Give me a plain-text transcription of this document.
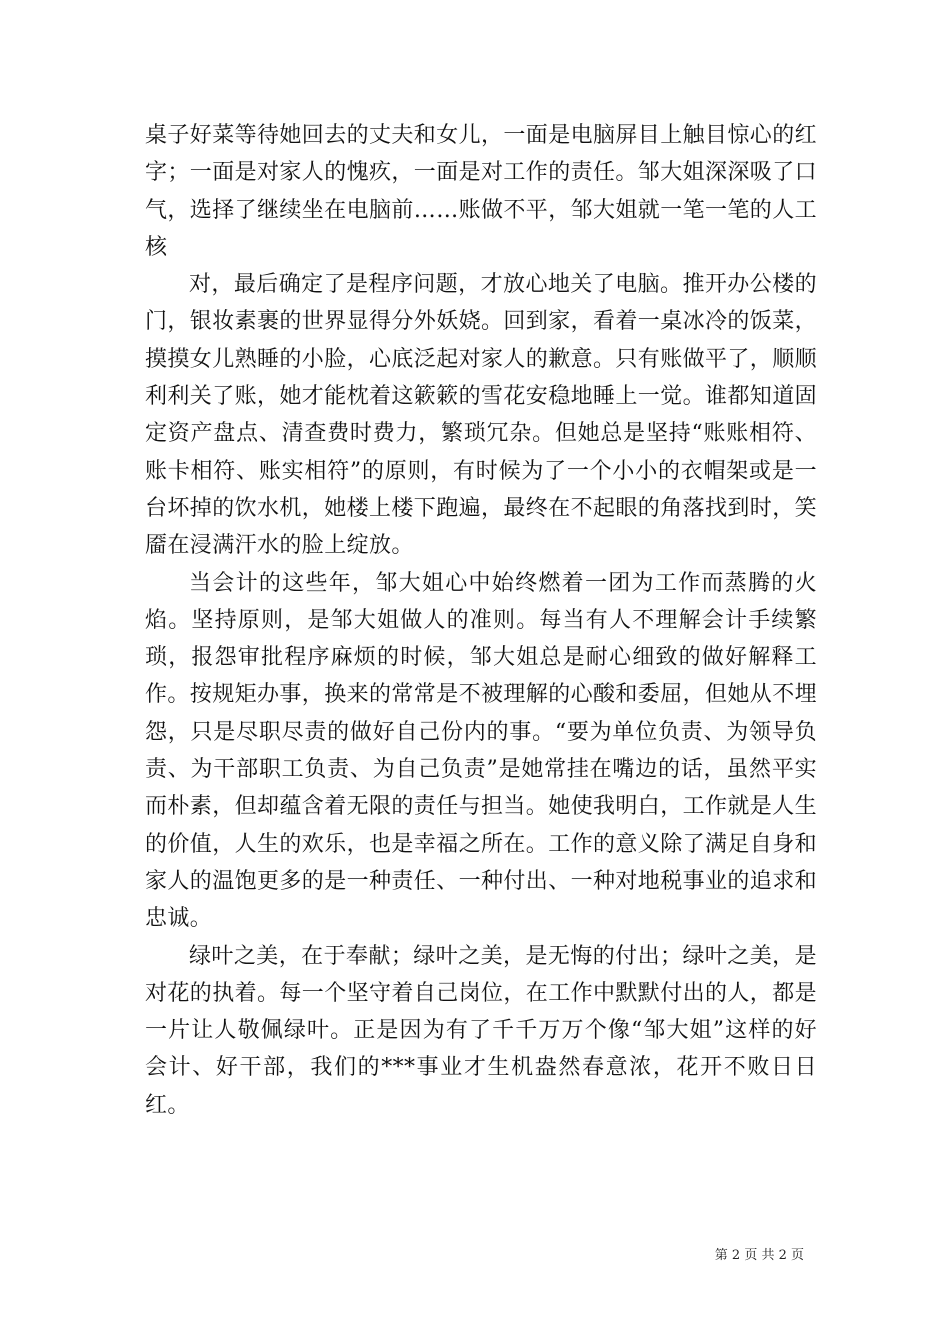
桌子好菜等待她回去的丈夫和女儿，一面是电脑屏目上触目惊心的红字；一面是对家人的愧疚，一面是对工作的责任。邹大姐深深吸了口气，选择了继续坐在电脑前……账做不平，邹大姐就一笔一笔的人工核

对，最后确定了是程序问题，才放心地关了电脑。推开办公楼的门，银妆素裹的世界显得分外妖娆。回到家，看着一桌冰冷的饭菜，摸摸女儿熟睡的小脸，心底泛起对家人的歉意。只有账做平了，顺顺利利关了账，她才能枕着这簌簌的雪花安稳地睡上一觉。谁都知道固定资产盘点、清查费时费力，繁琐冗杂。但她总是坚持“账账相符、账卡相符、账实相符”的原则，有时候为了一个小小的衣帽架或是一台坏掉的饮水机，她楼上楼下跑遍，最终在不起眼的角落找到时，笑靥在浸满汗水的脸上绽放。

当会计的这些年，邹大姐心中始终燃着一团为工作而蒸腾的火焰。坚持原则，是邹大姐做人的准则。每当有人不理解会计手续繁琐，报怨审批程序麻烦的时候，邹大姐总是耐心细致的做好解释工作。按规矩办事，换来的常常是不被理解的心酸和委屈，但她从不埋怨，只是尽职尽责的做好自己份内的事。“要为单位负责、为领导负责、为干部职工负责、为自己负责”是她常挂在嘴边的话，虽然平实而朴素，但却蕴含着无限的责任与担当。她使我明白，工作就是人生的价值，人生的欢乐，也是幸福之所在。工作的意义除了满足自身和家人的温饱更多的是一种责任、一种付出、一种对地税事业的追求和忠诚。

绿叶之美，在于奉献；绿叶之美，是无悔的付出；绿叶之美，是对花的执着。每一个坚守着自己岗位，在工作中默默付出的人，都是一片让人敬佩绿叶。正是因为有了千千万万个像“邹大姐”这样的好会计、好干部，我们的***事业才生机盎然春意浓，花开不败日日红。

第 2 页 共 2 页
